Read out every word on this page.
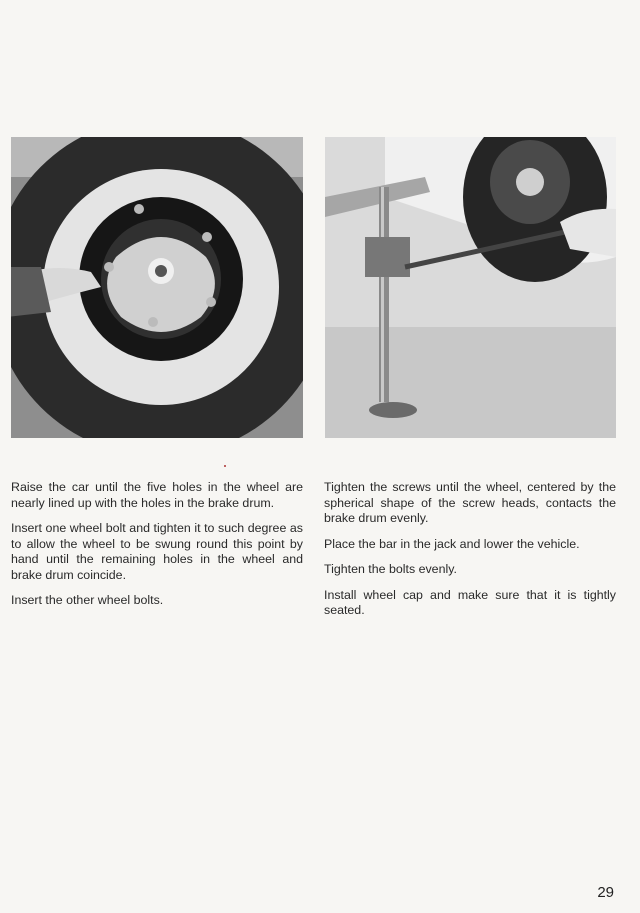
Raise the car until the five holes in the wheel are nearly lined up with the holes in the brake drum.

Insert one wheel bolt and tighten it to such degree as to allow the wheel to be swung round this point by hand until the remaining holes in the wheel and brake drum coincide.

Insert the other wheel bolts.

Tighten the screws until the wheel, centered by the spherical shape of the screw heads, contacts the brake drum evenly.

Place the bar in the jack and lower the vehicle.

Tighten the bolts evenly.

Install wheel cap and make sure that it is tightly seated.

29
